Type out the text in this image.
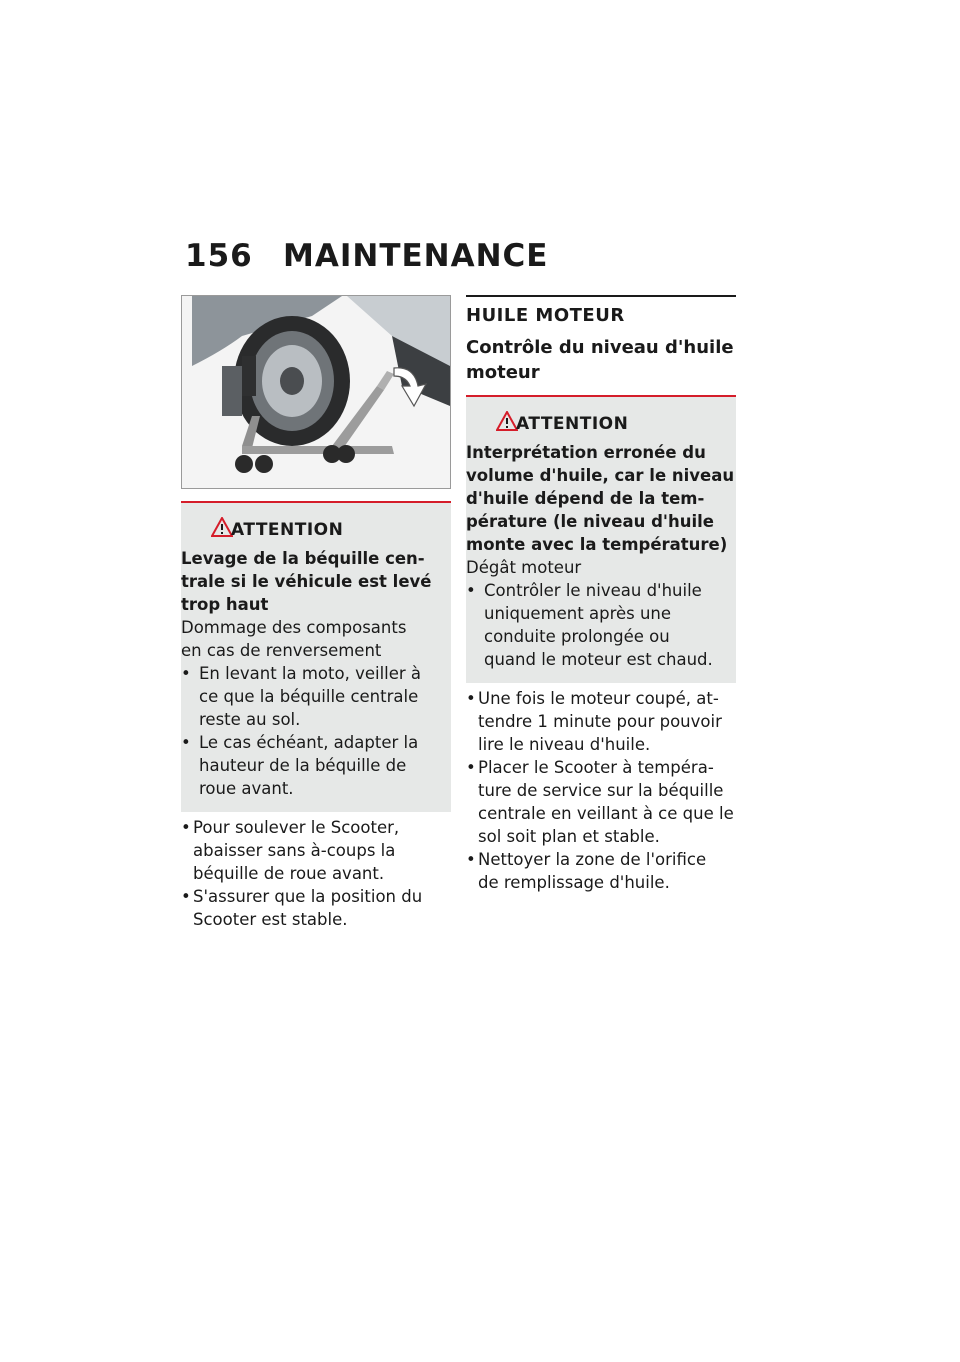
156 MAINTENANCE
ATTENTION
Levage de la béquille cen-
trale si le véhicule est levé
trop haut
Dommage des composants
en cas de renversement
• En levant la moto, veiller à
ce que la béquille centrale
reste au sol.
• Le cas échéant, adapter la
hauteur de la béquille de
roue avant.
• Pour soulever le Scooter,
abaisser sans à-coups la
béquille de roue avant.
• S'assurer que la position du
Scooter est stable.
HUILE MOTEUR
Contrôle du niveau d'huile
moteur
ATTENTION
Interprétation erronée du
volume d'huile, car le niveau
d'huile dépend de la tem-
pérature (le niveau d'huile
monte avec la température)
Dégât moteur
• Contrôler le niveau d'huile
uniquement après une
conduite prolongée ou
quand le moteur est chaud.
• Une fois le moteur coupé, at-
tendre 1 minute pour pouvoir
lire le niveau d'huile.
• Placer le Scooter à tempéra-
ture de service sur la béquille
centrale en veillant à ce que le
sol soit plan et stable.
• Nettoyer la zone de l'orifice
de remplissage d'huile.
